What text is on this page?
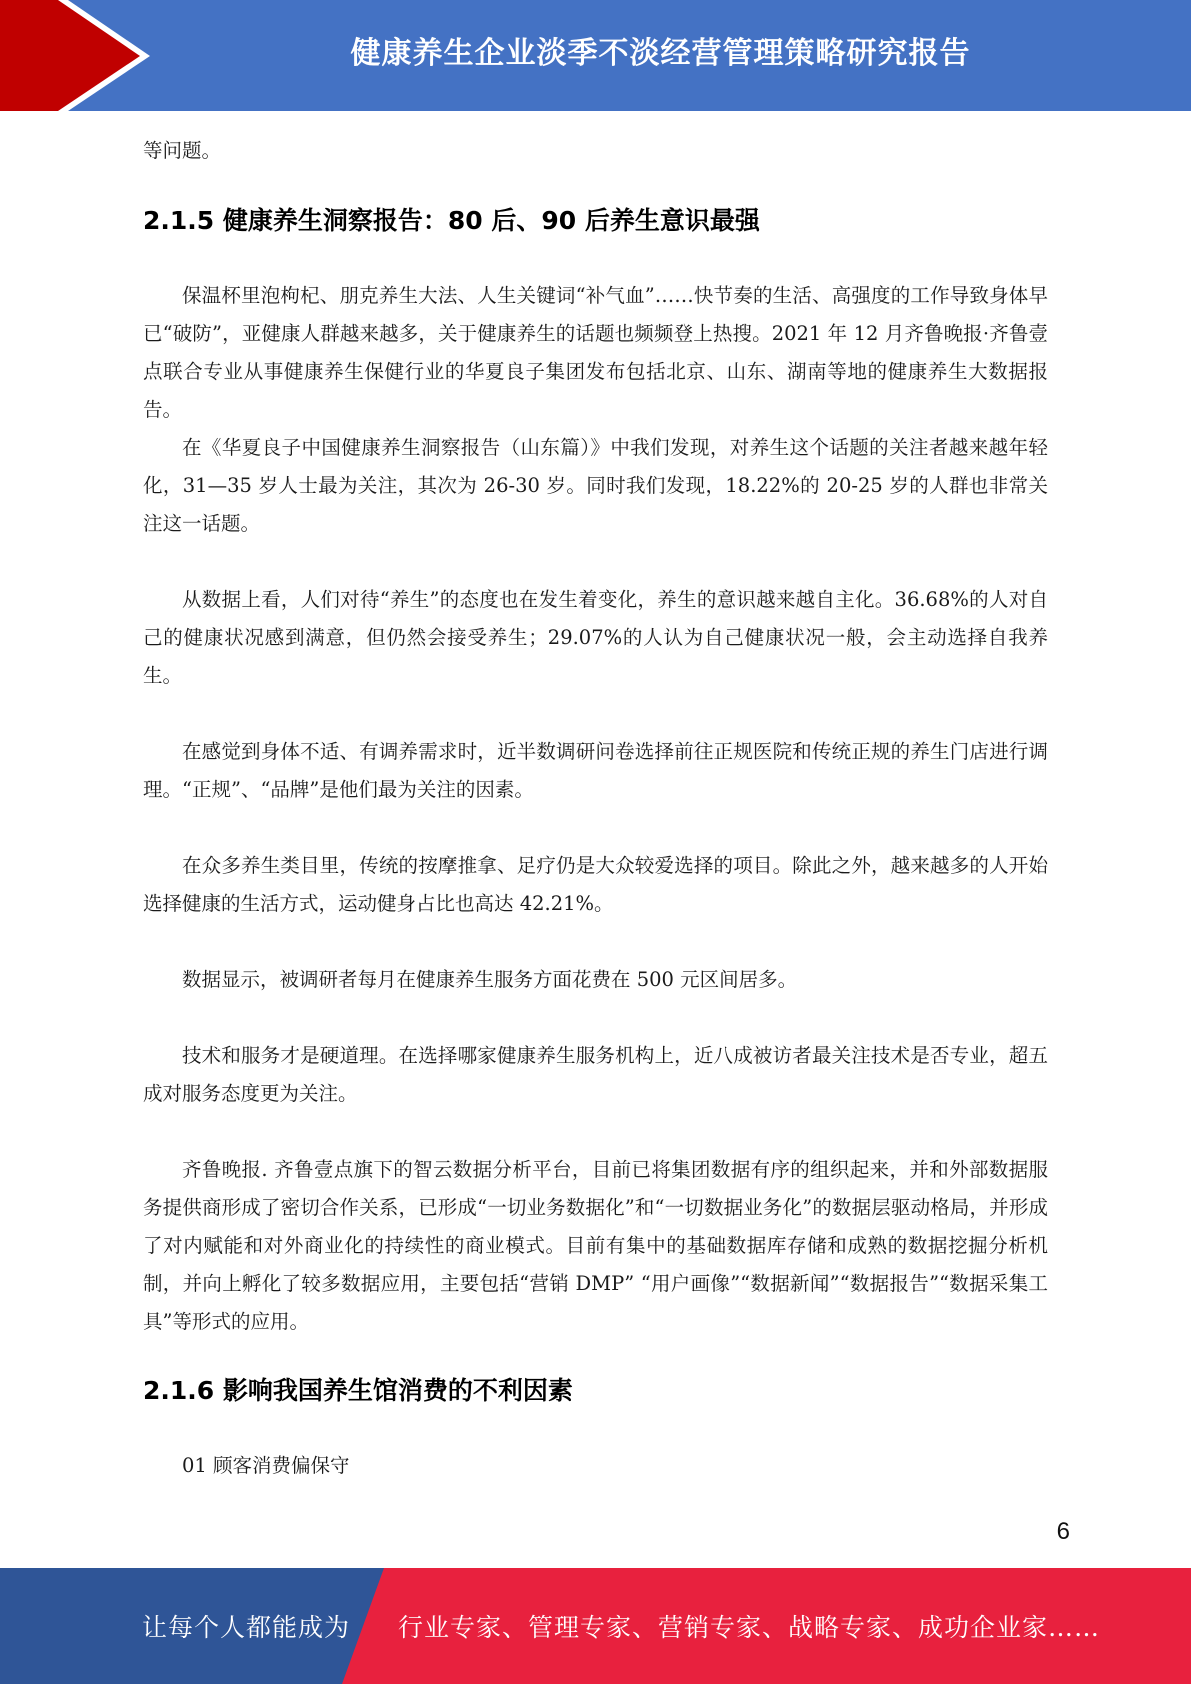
健康养生企业淡季不淡经营管理策略研究报告

等问题。

2.1.5 健康养生洞察报告：80 后、90 后养生意识最强

保温杯里泡枸杞、朋克养生大法、人生关键词“补气血”……快节奏的生活、高强度的工作导致身体早已“破防”，亚健康人群越来越多，关于健康养生的话题也频频登上热搜。2021 年 12 月齐鲁晚报·齐鲁壹点联合专业从事健康养生保健行业的华夏良子集团发布包括北京、山东、湖南等地的健康养生大数据报告。

在《华夏良子中国健康养生洞察报告（山东篇）》中我们发现，对养生这个话题的关注者越来越年轻化，31—35 岁人士最为关注，其次为 26-30 岁。同时我们发现，18.22%的 20-25 岁的人群也非常关注这一话题。

从数据上看，人们对待“养生”的态度也在发生着变化，养生的意识越来越自主化。36.68%的人对自己的健康状况感到满意，但仍然会接受养生；29.07%的人认为自己健康状况一般，会主动选择自我养生。

在感觉到身体不适、有调养需求时，近半数调研问卷选择前往正规医院和传统正规的养生门店进行调理。“正规”、“品牌”是他们最为关注的因素。

在众多养生类目里，传统的按摩推拿、足疗仍是大众较爱选择的项目。除此之外，越来越多的人开始选择健康的生活方式，运动健身占比也高达 42.21%。

数据显示，被调研者每月在健康养生服务方面花费在 500 元区间居多。

技术和服务才是硬道理。在选择哪家健康养生服务机构上，近八成被访者最关注技术是否专业，超五成对服务态度更为关注。

齐鲁晚报. 齐鲁壹点旗下的智云数据分析平台，目前已将集团数据有序的组织起来，并和外部数据服务提供商形成了密切合作关系，已形成“一切业务数据化”和“一切数据业务化”的数据层驱动格局，并形成了对内赋能和对外商业化的持续性的商业模式。目前有集中的基础数据库存储和成熟的数据挖掘分析机制，并向上孵化了较多数据应用，主要包括“营销 DMP” “用户画像”“数据新闻”“数据报告”“数据采集工具”等形式的应用。

2.1.6 影响我国养生馆消费的不利因素

01 顾客消费偏保守

6
让每个人都能成为 行业专家、管理专家、营销专家、战略专家、成功企业家……
